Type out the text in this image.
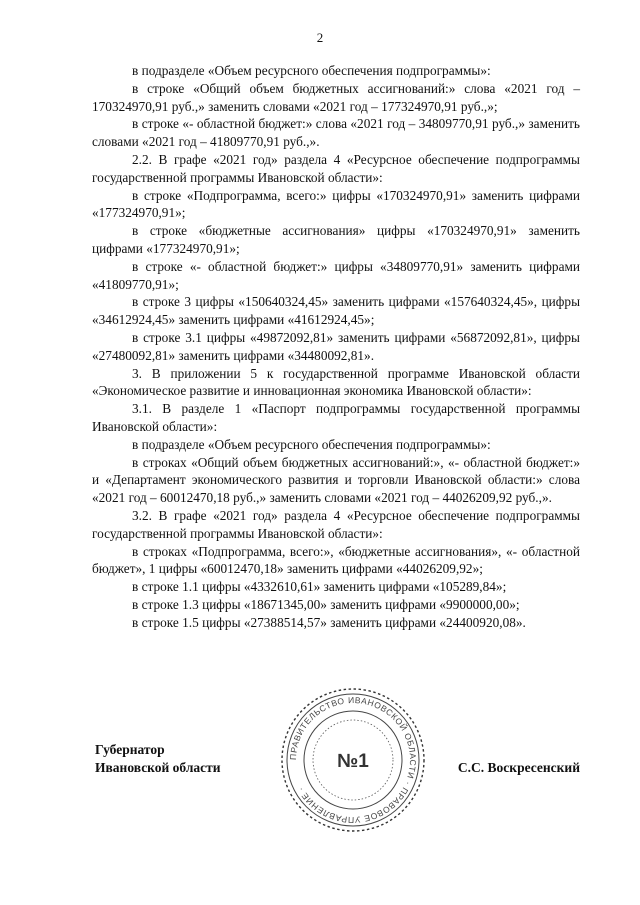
2

в подразделе «Объем ресурсного обеспечения подпрограммы»:

в строке «Общий объем бюджетных ассигнований:» слова «2021 год – 170324970,91 руб.,» заменить словами «2021 год – 177324970,91 руб.,»;

в строке «- областной бюджет:» слова «2021 год – 34809770,91 руб.,» заменить словами «2021 год – 41809770,91 руб.,».

2.2. В графе «2021 год» раздела 4 «Ресурсное обеспечение подпрограммы государственной программы Ивановской области»:

в строке «Подпрограмма, всего:» цифры «170324970,91» заменить цифрами «177324970,91»;

в строке «бюджетные ассигнования» цифры «170324970,91» заменить цифрами «177324970,91»;

в строке «- областной бюджет:» цифры «34809770,91» заменить цифрами «41809770,91»;

в строке 3 цифры «150640324,45» заменить цифрами «157640324,45», цифры «34612924,45» заменить цифрами «41612924,45»;

в строке 3.1 цифры «49872092,81» заменить цифрами «56872092,81», цифры «27480092,81» заменить цифрами «34480092,81».

3. В приложении 5 к государственной программе Ивановской области «Экономическое развитие и инновационная экономика Ивановской области»:

3.1. В разделе 1 «Паспорт подпрограммы государственной программы Ивановской области»:

в подразделе «Объем ресурсного обеспечения подпрограммы»:

в строках «Общий объем бюджетных ассигнований:», «- областной бюджет:» и «Департамент экономического развития и торговли Ивановской области:» слова «2021 год – 60012470,18 руб.,» заменить словами «2021 год – 44026209,92 руб.,».

3.2. В графе «2021 год» раздела 4 «Ресурсное обеспечение подпрограммы государственной программы Ивановской области»:

в строках «Подпрограмма, всего:», «бюджетные ассигнования», «- областной бюджет», 1 цифры «60012470,18» заменить цифрами «44026209,92»;

в строке 1.1 цифры «4332610,61» заменить цифрами «105289,84»;

в строке 1.3 цифры «18671345,00» заменить цифрами «9900000,00»;

в строке 1.5 цифры «27388514,57» заменить цифрами «24400920,08».

Губернатор
Ивановской области	С.С. Воскресенский
ПРАВИТЕЛЬСТВО ИВАНОВСКОЙ ОБЛАСТИ · ПРАВОВОЕ УПРАВЛЕНИЕ ·
№1
